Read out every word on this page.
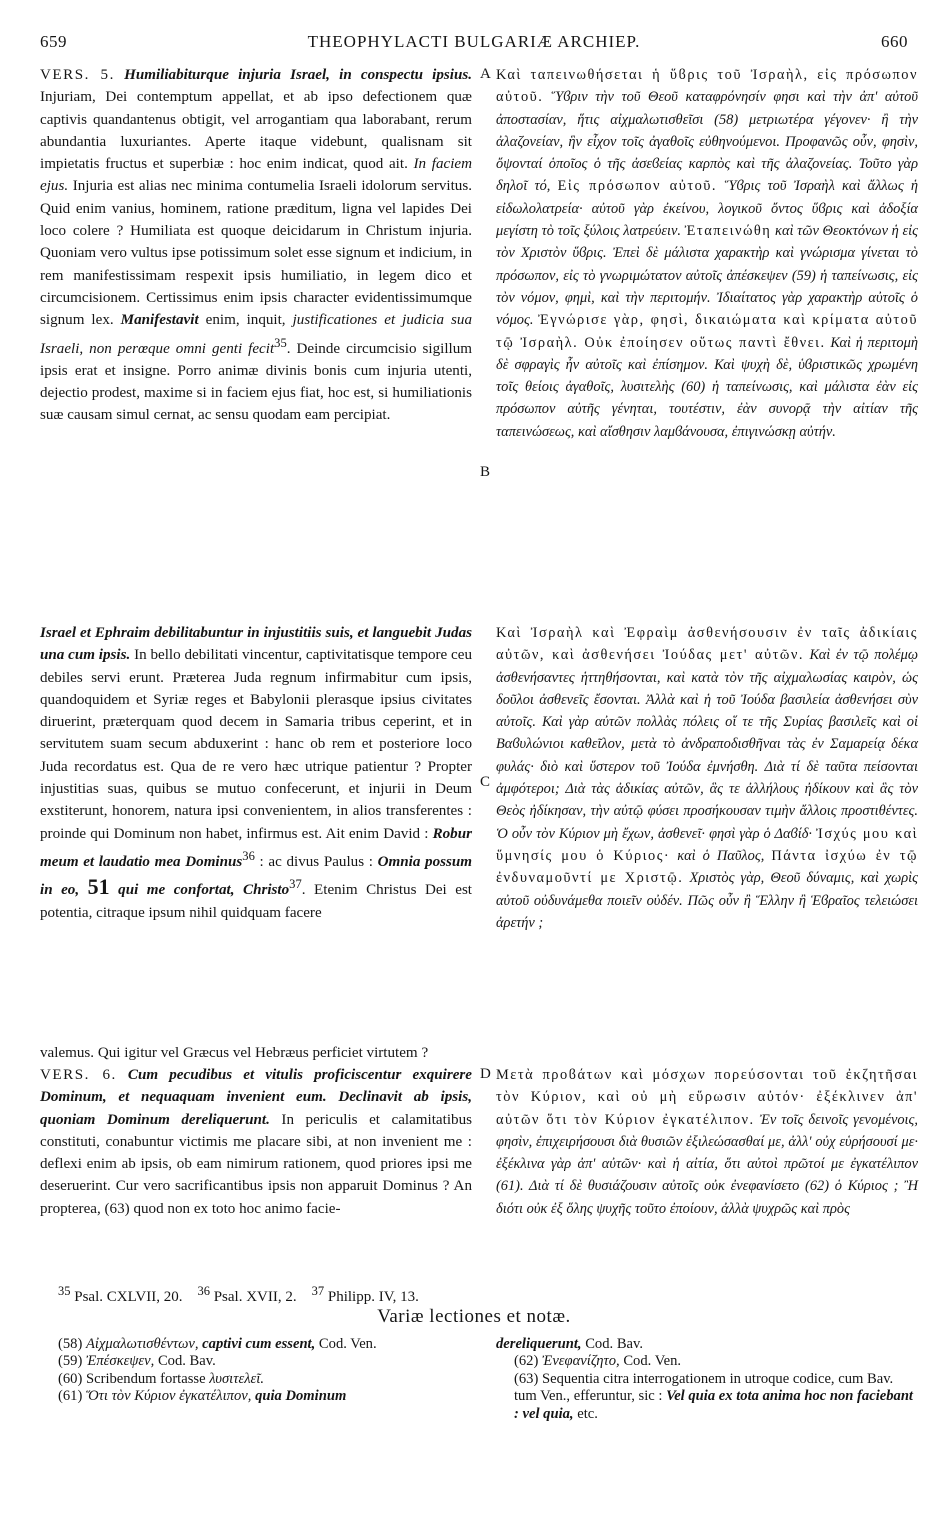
659	THEOPHYLACTI BULGARIÆ ARCHIEP.	660
A
B
C
D

VERS. 5. Humiliabiturque injuria Israel, in conspectu ipsius. Injuriam, Dei contemptum appellat, et ab ipso defectionem quæ captivis quandantenus obtigit, vel arrogantiam qua laborabant, rerum abundantia luxuriantes. Aperte itaque videbunt, qualisnam sit impietatis fructus et superbiæ : hoc enim indicat, quod ait. In faciem ejus. Injuria est alias nec minima contumelia Israeli idolorum servitus. Quid enim vanius, hominem, ratione præditum, ligna vel lapides Dei loco colere ? Humiliata est quoque deicidarum in Christum injuria. Quoniam vero vultus ipse potissimum solet esse signum et indicium, in rem manifestissimam respexit ipsis humiliatio, in legem dico et circumcisionem. Certissimus enim ipsis character evidentissimumque signum lex. Manifestavit enim, inquit, justificationes et judicia sua Israeli, non perœque omni genti fecit$^{35}$. Deinde circumcisio sigillum ipsis erat et insigne. Porro animæ divinis bonis cum injuria utenti, dejectio prodest, maxime si in faciem ejus fiat, hoc est, si humiliationis suæ causam simul cernat, ac sensu quodam eam percipiat.

Καὶ ταπεινωθήσεται ἡ ὕϐρις τοῦ Ἰσραὴλ, εἰς πρόσωπον αὐτοῦ. Ὕϐριν τὴν τοῦ Θεοῦ καταφρόνησίν φησι καὶ τὴν ἀπ' αὐτοῦ ἀποστασίαν, ἥτις αἰχμαλωτισθεῖσι (58) μετριωτέρα γέγονεν· ἢ τὴν ἀλαζονείαν, ἣν εἶχον τοῖς ἀγαθοῖς εὐθηνούμενοι. Προφανῶς οὖν, φησὶν, ὄψονταί ὁποῖος ὁ τῆς ἀσεϐείας καρπὸς καὶ τῆς ἀλαζονείας. Τοῦτο γὰρ δηλοῖ τό, Εἰς πρόσωπον αὐτοῦ. Ὕϐρις τοῦ Ἰσραὴλ καὶ ἄλλως ἡ εἰδωλολατρεία· αὐτοῦ γὰρ ἐκείνου, λογικοῦ ὄντος ὕϐρις καὶ ἀδοξία μεγίστη τὸ τοῖς ξύλοις λατρεύειν. Ἐταπεινώθη καὶ τῶν Θεοκτόνων ἡ εἰς τὸν Χριστὸν ὕϐρις. Ἐπεὶ δὲ μάλιστα χαρακτὴρ καὶ γνώρισμα γίνεται τὸ πρόσωπον, εἰς τὸ γνωριμώτατον αὐτοῖς ἀπέσκεψεν (59) ἡ ταπείνωσις, εἰς τὸν νόμον, φημὶ, καὶ τὴν περιτομήν. Ἰδιαίτατος γὰρ χαρακτὴρ αὐτοῖς ὁ νόμος. Ἐγνώρισε γὰρ, φησὶ, δικαιώματα καὶ κρίματα αὐτοῦ τῷ Ἰσραὴλ. Οὐκ ἐποίησεν οὕτως παντὶ ἔθνει. Καὶ ἡ περιτομὴ δὲ σφραγὶς ἦν αὐτοῖς καὶ ἐπίσημον. Καὶ ψυχὴ δὲ, ὑϐριστικῶς χρωμένη τοῖς θείοις ἀγαθοῖς, λυσιτελὴς (60) ἡ ταπείνωσις, καὶ μάλιστα ἐὰν εἰς πρόσωπον αὐτῆς γένηται, τουτέστιν, ἐὰν συνορᾷ τὴν αἰτίαν τῆς ταπεινώσεως, καὶ αἴσθησιν λαμϐάνουσα, ἐπιγινώσκῃ αὐτήν.

Israel et Ephraim debilitabuntur in injustitiis suis, et languebit Judas una cum ipsis. In bello debilitati vincentur, captivitatisque tempore ceu debiles servi erunt. Præterea Juda regnum infirmabitur cum ipsis, quandoquidem et Syriæ reges et Babylonii plerasque ipsius civitates diruerint, præterquam quod decem in Samaria tribus ceperint, et in servitutem suam secum abduxerint : hanc ob rem et posteriore loco Juda recordatus est. Qua de re vero hæc utrique patientur ? Propter injustitias suas, quibus se mutuo confecerunt, et injurii in Deum exstiterunt, honorem, natura ipsi convenientem, in alios transferentes : proinde qui Dominum non habet, infirmus est. Ait enim David : Robur meum et laudatio mea Dominus$^{36}$ : ac divus Paulus : Omnia possum in eo, 51 qui me confortat, Christo$^{37}$. Etenim Christus Dei est potentia, citraque ipsum nihil quidquam facere

Καὶ Ἰσραὴλ καὶ Ἐφραὶμ ἀσθενήσουσιν ἐν ταῖς ἀδικίαις αὐτῶν, καὶ ἀσθενήσει Ἰούδας μετ' αὐτῶν. Καὶ ἐν τῷ πολέμῳ ἀσθενήσαντες ἡττηθήσονται, καὶ κατὰ τὸν τῆς αἰχμαλωσίας καιρὸν, ὡς δοῦλοι ἀσθενεῖς ἔσονται. Ἀλλὰ καὶ ἡ τοῦ Ἰούδα βασιλεία ἀσθενήσει σὺν αὐτοῖς. Καὶ γὰρ αὐτῶν πολλὰς πόλεις οἵ τε τῆς Συρίας βασιλεῖς καὶ οἱ Βαϐυλώνιοι καθεῖλον, μετὰ τὸ ἀνδραποδισθῆναι τὰς ἐν Σαμαρείᾳ δέκα φυλάς· διὸ καὶ ὕστερον τοῦ Ἰούδα ἐμνήσθη. Διὰ τί δὲ ταῦτα πείσονται ἀμφότεροι; Διὰ τὰς ἀδικίας αὐτῶν, ἃς τε ἀλλήλους ἠδίκουν καὶ ἃς τὸν Θεὸς ἠδίκησαν, τὴν αὐτῷ φύσει προσήκουσαν τιμὴν ἄλλοις προστιθέντες. Ὁ οὖν τὸν Κύριον μὴ ἔχων, ἀσθενεῖ· φησὶ γὰρ ὁ Δαϐίδ· Ἰσχύς μου καὶ ὕμνησίς μου ὁ Κύριος· καὶ ὁ Παῦλος, Πάντα ἰσχύω ἐν τῷ ἐνδυναμοῦντί με Χριστῷ. Χριστὸς γὰρ, Θεοῦ δύναμις, καὶ χωρὶς αὐτοῦ οὐδυνάμεθα ποιεῖν οὐδέν. Πῶς οὖν ἢ Ἕλλην ἢ Ἑϐραῖος τελειώσει ἀρετήν ;

valemus. Qui igitur vel Græcus vel Hebræus perficiet virtutem ?

VERS. 6. Cum pecudibus et vitulis proficiscentur exquirere Dominum, et nequaquam invenient eum. Declinavit ab ipsis, quoniam Dominum dereliquerunt. In periculis et calamitatibus constituti, conabuntur victimis me placare sibi, at non invenient me : deflexi enim ab ipsis, ob eam nimirum rationem, quod priores ipsi me deseruerint. Cur vero sacrificantibus ipsis non apparuit Dominus ? An propterea, (63) quod non ex toto hoc animo facie-

Μετὰ προϐάτων καὶ μόσχων πορεύσονται τοῦ ἐκζητῆσαι τὸν Κύριον, καὶ οὐ μὴ εὕρωσιν αὐτόν· ἐξέκλινεν ἀπ' αὐτῶν ὅτι τὸν Κύριον ἐγκατέλιπον. Ἐν τοῖς δεινοῖς γενομένοις, φησὶν, ἐπιχειρήσουσι διὰ θυσιῶν ἐξιλεώσασθαί με, ἀλλ' οὐχ εὑρήσουσί με· ἐξέκλινα γὰρ ἀπ' αὐτῶν· καὶ ἡ αἰτία, ὅτι αὐτοὶ πρῶτοί με ἐγκατέλιπον (61). Διὰ τί δὲ θυσιάζουσιν αὐτοῖς οὐκ ἐνεφανίσετο (62) ὁ Κύριος ; Ἢ διότι οὐκ ἐξ ὅλης ψυχῆς τοῦτο ἐποίουν, ἀλλὰ ψυχρῶς καὶ πρὸς

$^{35}$ Psal. CXLVII, 20. $^{36}$ Psal. XVII, 2. $^{37}$ Philipp. IV, 13.
Variæ lectiones et notæ.

(58) Αἰχμαλωτισθέντων, captivi cum essent, Cod. Ven.

(59) Ἐπέσκεψεν, Cod. Bav.

(60) Scribendum fortasse λυσιτελεῖ.

(61) Ὅτι τὸν Κύριον ἐγκατέλιπον, quia Dominum

dereliquerunt, Cod. Bav.

(62) Ἐνεφανίζητο, Cod. Ven.

(63) Sequentia citra interrogationem in utroque codice, cum Bav. tum Ven., efferuntur, sic : Vel quia ex tota anima hoc non faciebant : vel quia, etc.
